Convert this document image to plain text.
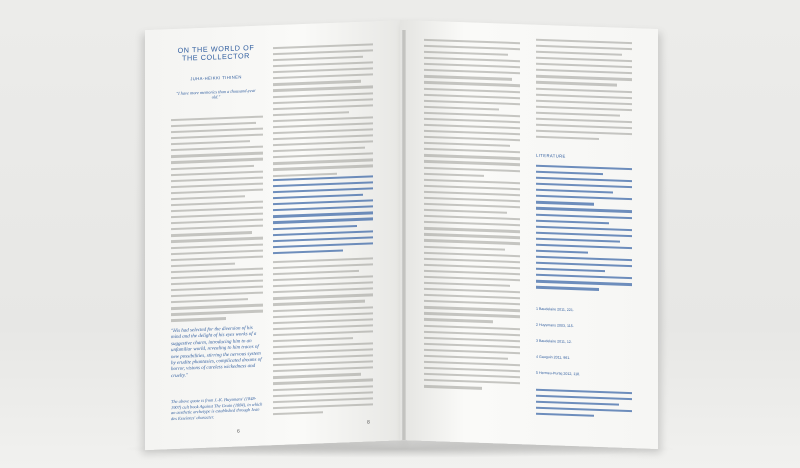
ON THE WORLD OF THE COLLECTOR
JUHA-HEIKKI TIHINEN
"I have more memories than a thousand-year old."
"His had selected for the diversion of his mind and the delight of his eyes works of a suggestive charm, introducing him to an unfamiliar world, revealing to him traces of new possibilities, stirring the nervous system by erudite phantasies, complicated dreams of horror, visions of careless wickedness and cruelty."
The above quote is from J.-K. Huysmans' (1848-1907) cult book Against The Grain (1884), in which an aesthetic archetype is established through Jean des Esseintes' character.
6
8
LITERATURE
1 Baudelaire 2011, 221.
2 Huysmans 2003, 115.
3 Baudelaire 2011, 12.
4 Gauguin 2011, 961.
5 Hermeu-Purtiq 2012, 118.
